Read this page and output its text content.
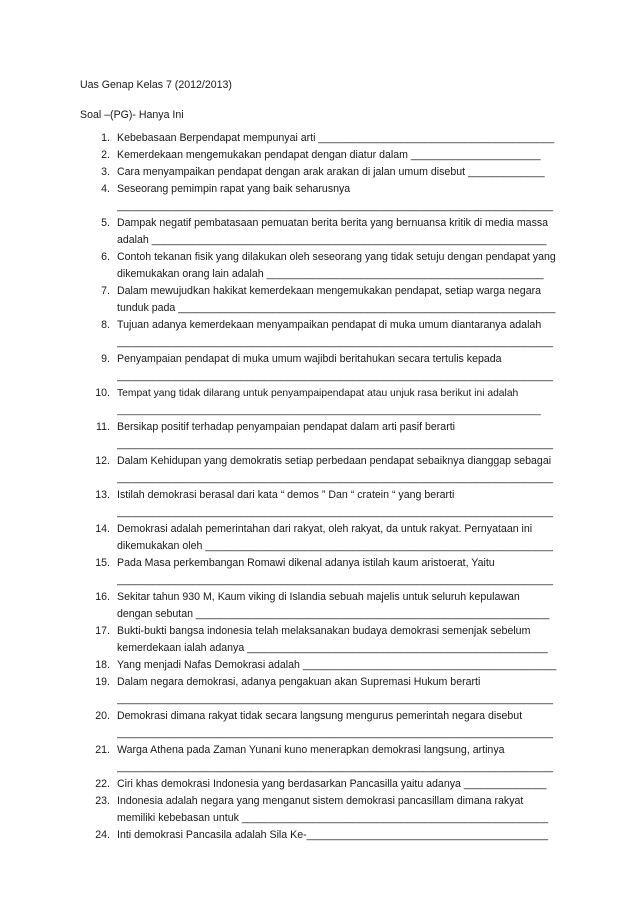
Uas Genap Kelas 7 (2012/2013)
Soal –(PG)- Hanya Ini
1. Kebebasaan Berpendapat mempunyai arti ________________________________________
2. Kemerdekaan mengemukakan pendapat dengan diatur dalam ______________________
3. Cara menyampaikan pendapat dengan arak arakan di jalan umum disebut _____________
4. Seseorang pemimpin rapat yang baik seharusnya
__________________________________________________________________________
5. Dampak negatif pembatasaan pemuatan berita berita yang bernuansa kritik di media massa
adalah ___________________________________________________________________
6. Contoh tekanan fisik yang dilakukan oleh seseorang yang tidak setuju dengan pendapat yang
dikemukakan orang lain adalah _______________________________________________
7. Dalam mewujudkan hakikat kemerdekaan mengemukakan pendapat, setiap warga negara
tunduk pada ________________________________________________________________
8. Tujuan adanya kemerdekaan menyampaikan pendapat di muka umum diantaranya adalah
__________________________________________________________________________
9. Penyampaian pendapat di muka umum wajibdi beritahukan secara tertulis kepada
__________________________________________________________________________
10. Tempat yang tidak dilarang untuk penyampaipendapat atau unjuk rasa berikut ini adalah
__________________________________________________________________________
11. Bersikap positif terhadap penyampaian pendapat dalam arti pasif berarti
__________________________________________________________________________
12. Dalam Kehidupan yang demokratis setiap perbedaan pendapat sebaiknya dianggap sebagai
__________________________________________________________________________
13. Istilah demokrasi berasal dari kata “ demos ” Dan “ cratein “ yang berarti
__________________________________________________________________________
14. Demokrasi adalah pemerintahan dari rakyat, oleh rakyat, da untuk rakyat. Pernyataan ini
dikemukakan oleh ___________________________________________________________
15. Pada Masa perkembangan Romawi dikenal adanya istilah kaum aristoerat, Yaitu
__________________________________________________________________________
16. Sekitar tahun 930 M, Kaum viking di Islandia sebuah majelis untuk seluruh kepulawan
dengan sebutan ____________________________________________________________
17. Bukti-bukti bangsa indonesia telah melaksanakan budaya demokrasi semenjak sebelum
kemerdekaan ialah adanya ___________________________________________________
18. Yang menjadi Nafas Demokrasi adalah ___________________________________________
19. Dalam negara demokrasi, adanya pengakuan akan Supremasi Hukum berarti
__________________________________________________________________________
20. Demokrasi dimana rakyat tidak secara langsung mengurus pemerintah negara disebut
__________________________________________________________________________
21. Warga Athena pada Zaman Yunani kuno menerapkan demokrasi langsung, artinya
__________________________________________________________________________
22. Ciri khas demokrasi Indonesia yang berdasarkan Pancasilla yaitu adanya ______________
23. Indonesia adalah negara yang menganut sistem demokrasi pancasillam dimana rakyat
memiliki kebebasan untuk ____________________________________________________
24. Inti demokrasi Pancasila adalah Sila Ke-_________________________________________
